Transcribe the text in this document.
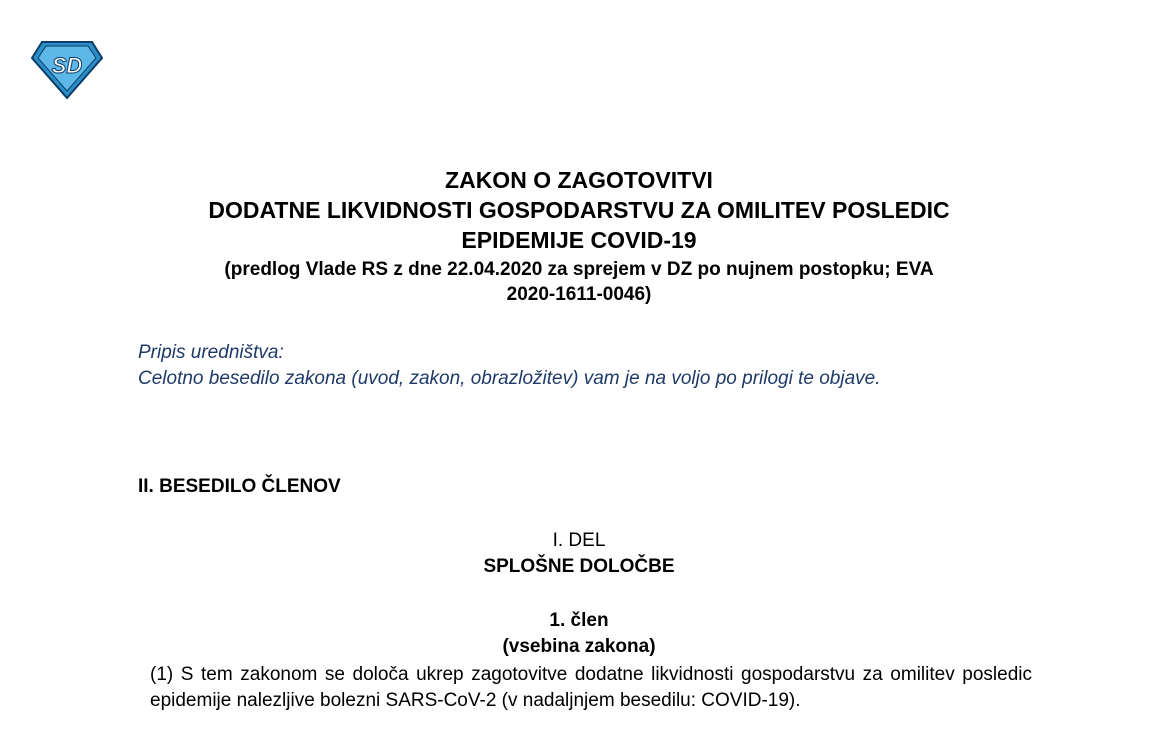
SD

ZAKON O ZAGOTOVITVI

DODATNE LIKVIDNOSTI GOSPODARSTVU ZA OMILITEV POSLEDIC

EPIDEMIJE COVID-19

(predlog Vlade RS z dne 22.04.2020 za sprejem v DZ po nujnem postopku; EVA
2020-1611-0046)

Pripis uredništva:

Celotno besedilo zakona (uvod, zakon, obrazložitev) vam je na voljo po prilogi te objave.

II. BESEDILO ČLENOV

I. DEL
SPLOŠNE DOLOČBE
1. člen
(vsebina zakona)

(1) S tem zakonom se določa ukrep zagotovitve dodatne likvidnosti gospodarstvu za omilitev posledic epidemije nalezljive bolezni SARS-CoV-2 (v nadaljnjem besedilu: COVID-19).
